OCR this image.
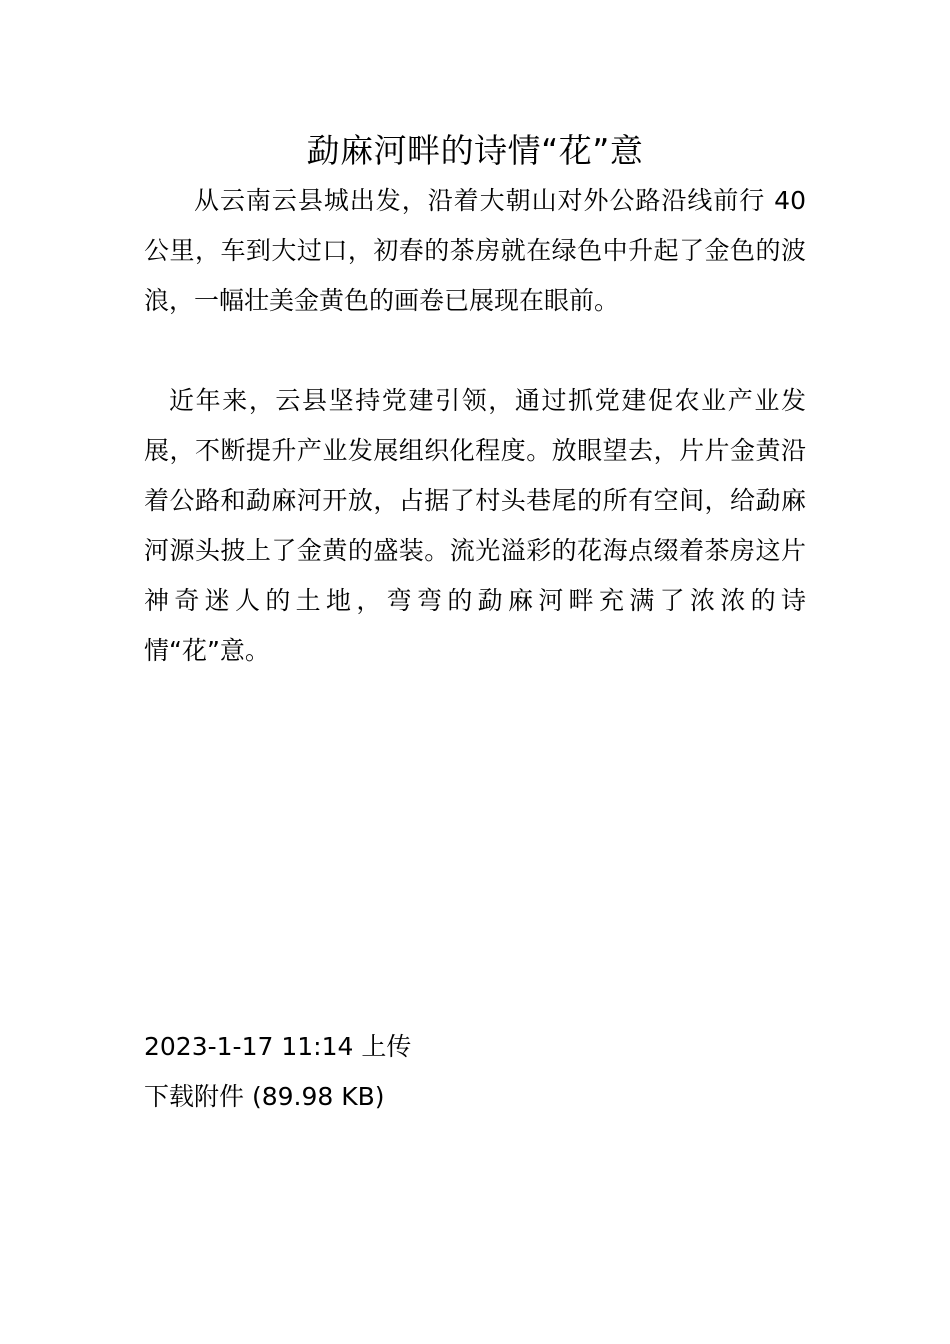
勐麻河畔的诗情“花”意

从云南云县城出发，沿着大朝山对外公路沿线前行 40 公里，车到大过口，初春的茶房就在绿色中升起了金色的波浪，一幅壮美金黄色的画卷已展现在眼前。

近年来，云县坚持党建引领，通过抓党建促农业产业发展，不断提升产业发展组织化程度。放眼望去，片片金黄沿着公路和勐麻河开放，占据了村头巷尾的所有空间，给勐麻河源头披上了金黄的盛装。流光溢彩的花海点缀着茶房这片神奇迷人的土地，弯弯的勐麻河畔充满了浓浓的诗情“花”意。

2023-1-17 11:14 上传

下载附件 (89.98 KB)
